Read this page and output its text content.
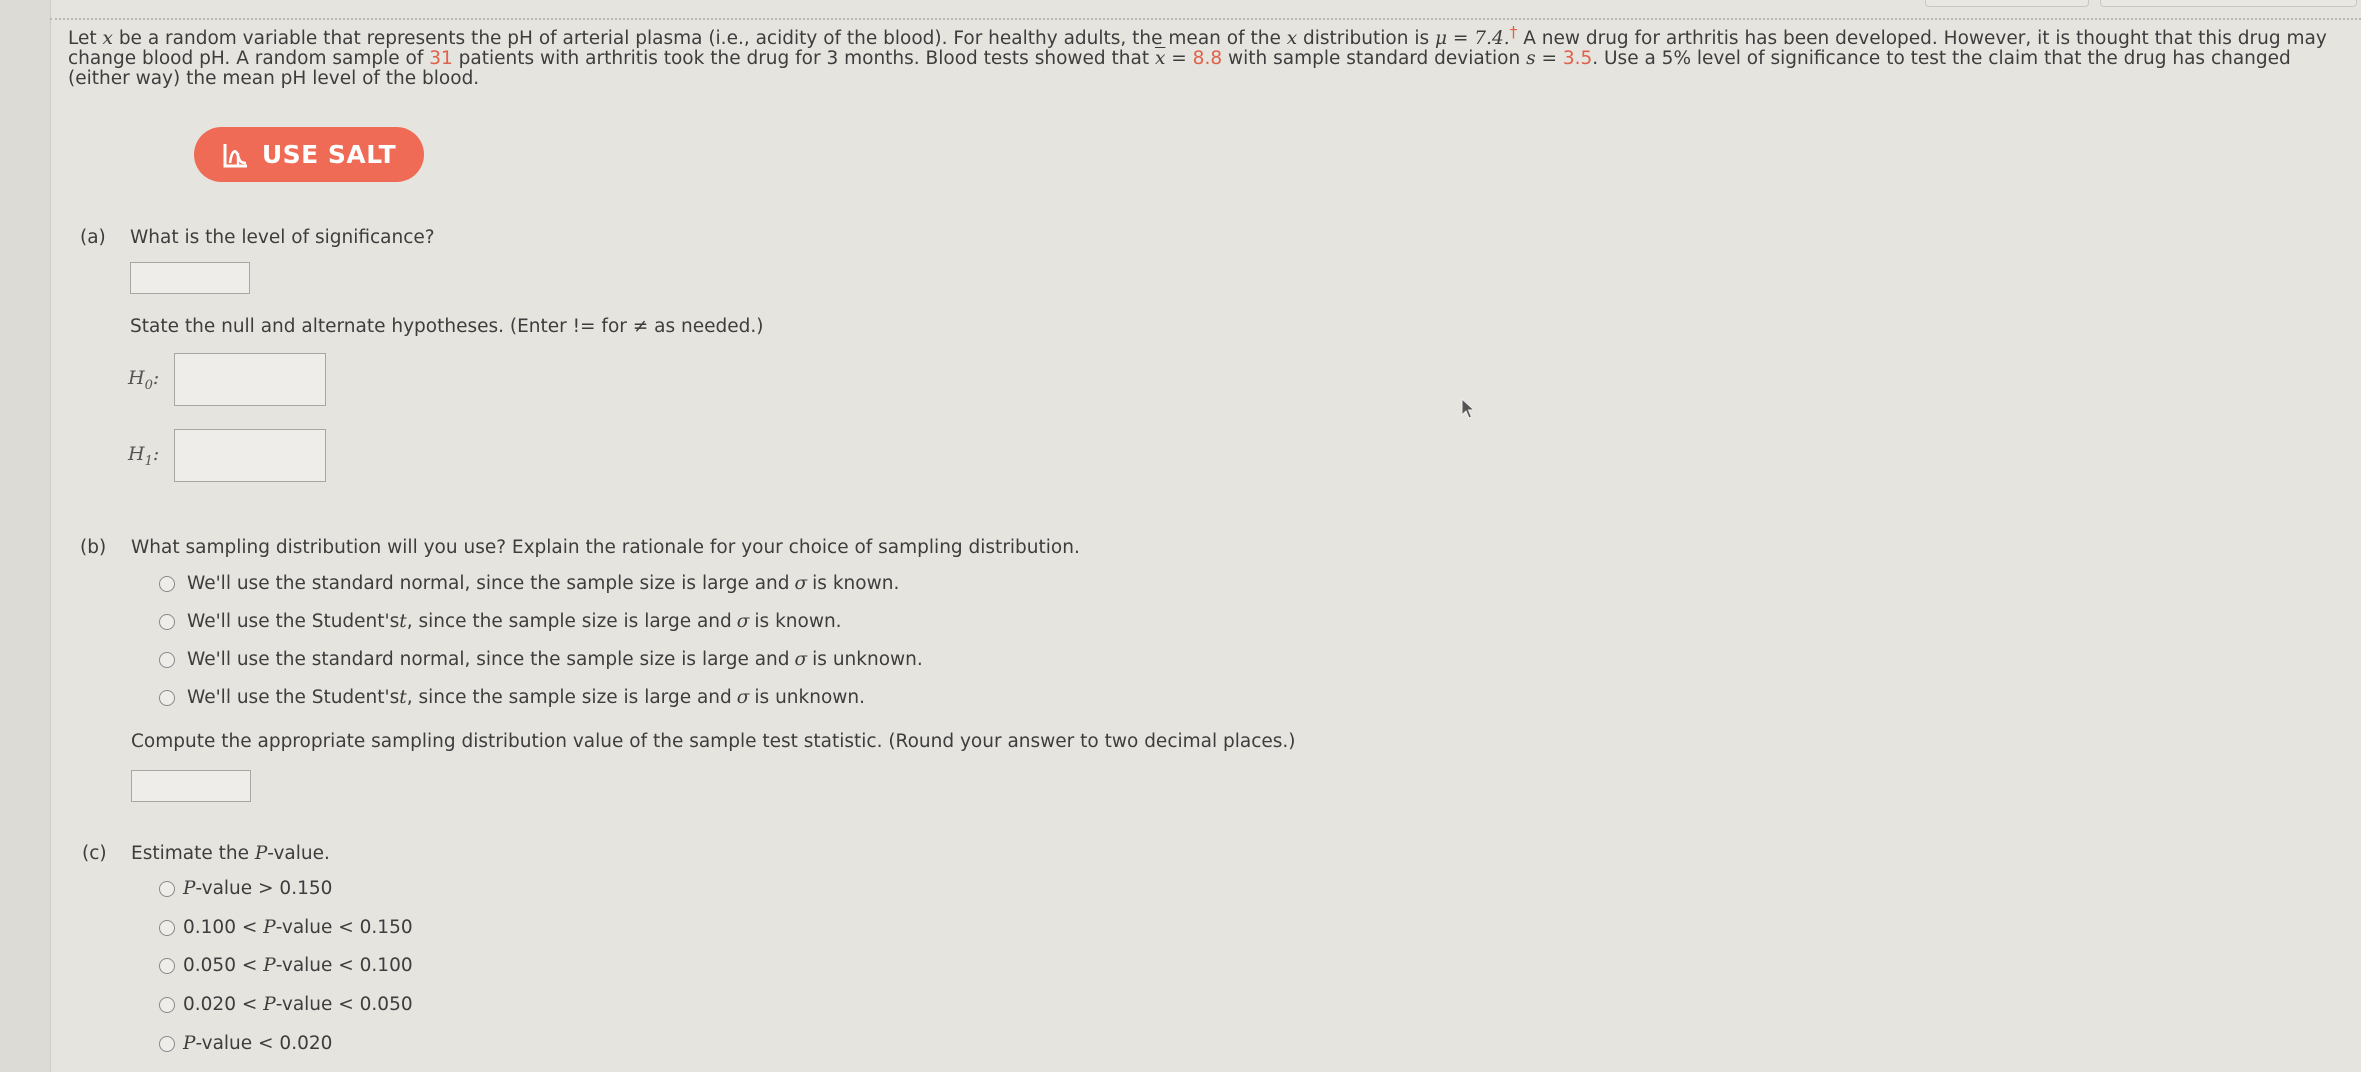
Let x be a random variable that represents the pH of arterial plasma (i.e., acidity of the blood). For healthy adults, the mean of the x distribution is μ = 7.4.† A new drug for arthritis has been developed. However, it is thought that this drug may change blood pH. A random sample of 31 patients with arthritis took the drug for 3 months. Blood tests showed that $\overline{x} = 8.8$ with sample standard deviation s = 3.5. Use a 5% level of significance to test the claim that the drug has changed (either way) the mean pH level of the blood.
USE SALT
(a) What is the level of significance?
State the null and alternate hypotheses. (Enter != for ≠ as needed.)
$H_0$:
$H_1$:
(b) What sampling distribution will you use? Explain the rationale for your choice of sampling distribution.
We'll use the standard normal, since the sample size is large and σ is known.
We'll use the Student's t , since the sample size is large and σ is known.
We'll use the standard normal, since the sample size is large and σ is unknown.
We'll use the Student's t , since the sample size is large and σ is unknown.
Compute the appropriate sampling distribution value of the sample test statistic. (Round your answer to two decimal places.)
(c) Estimate the P-value.
P -value > 0.150
0.100 < P -value < 0.150
0.050 < P -value < 0.100
0.020 < P -value < 0.050
P -value < 0.020
